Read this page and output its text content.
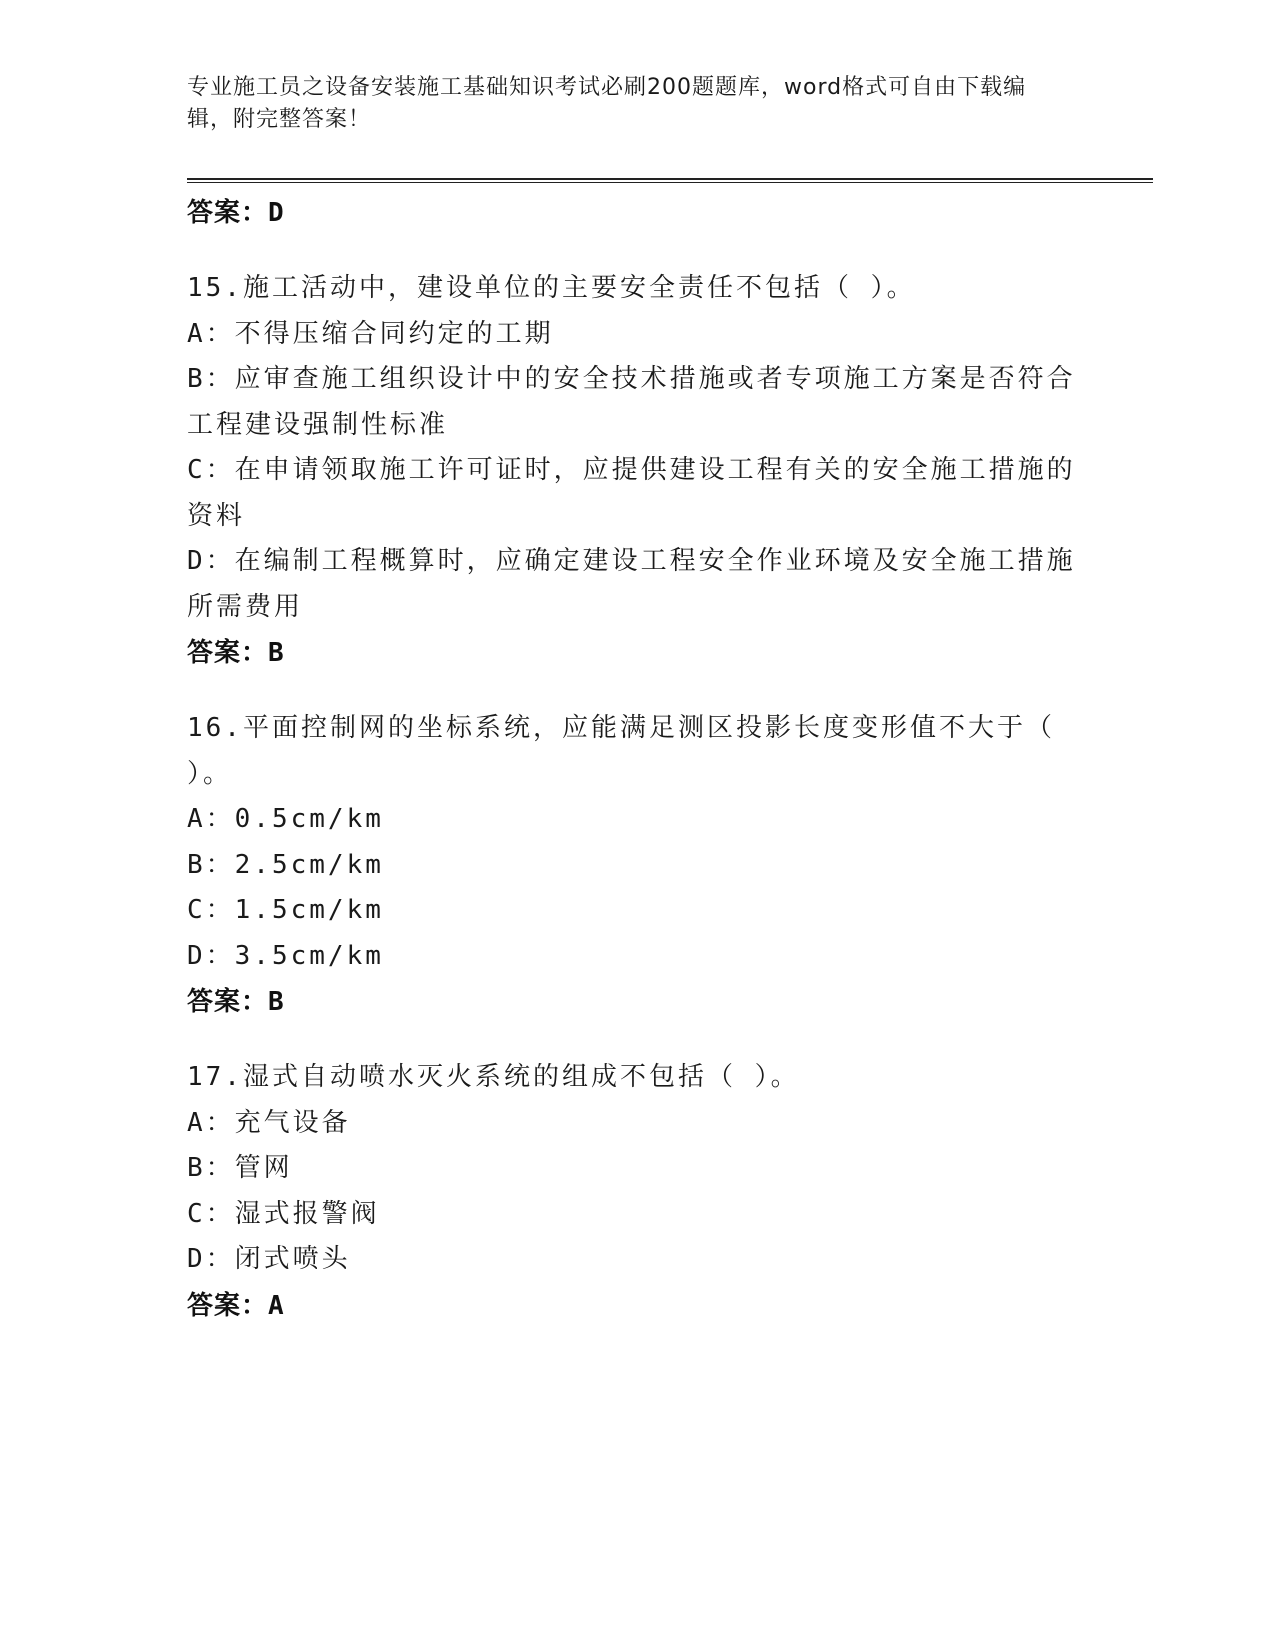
专业施工员之设备安装施工基础知识考试必刷200题题库，word格式可自由下载编辑，附完整答案！
答案：D
15.施工活动中，建设单位的主要安全责任不包括（ ）。
A：不得压缩合同约定的工期
B：应审查施工组织设计中的安全技术措施或者专项施工方案是否符合
工程建设强制性标准
C：在申请领取施工许可证时，应提供建设工程有关的安全施工措施的
资料
D：在编制工程概算时，应确定建设工程安全作业环境及安全施工措施
所需费用
答案：B
16.平面控制网的坐标系统，应能满足测区投影长度变形值不大于（
）。
A：0.5cm/km
B：2.5cm/km
C：1.5cm/km
D：3.5cm/km
答案：B
17.湿式自动喷水灭火系统的组成不包括（ ）。
A：充气设备
B：管网
C：湿式报警阀
D：闭式喷头
答案：A
